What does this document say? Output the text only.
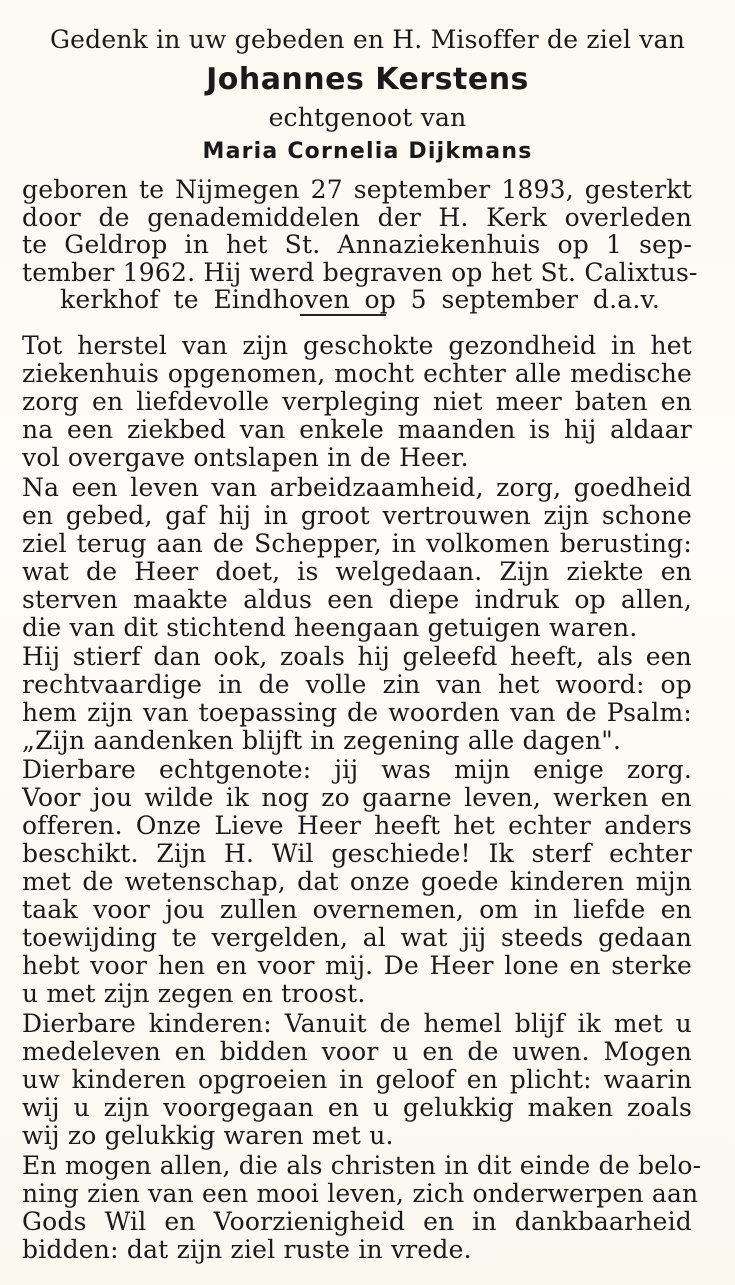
Gedenk in uw gebeden en H. Misoffer de ziel van
Johannes Kerstens
echtgenoot van
Maria Cornelia Dijkmans
geboren te Nijmegen 27 september 1893, gesterkt
door de genademiddelen der H. Kerk overleden
te Geldrop in het St. Annaziekenhuis op 1 sep-
tember 1962. Hij werd begraven op het St. Calixtus-
kerkhof te Eindhoven op 5 september d.a.v.
Tot herstel van zijn geschokte gezondheid in het
ziekenhuis opgenomen, mocht echter alle medische
zorg en liefdevolle verpleging niet meer baten en
na een ziekbed van enkele maanden is hij aldaar
vol overgave ontslapen in de Heer.
Na een leven van arbeidzaamheid, zorg, goedheid
en gebed, gaf hij in groot vertrouwen zijn schone
ziel terug aan de Schepper, in volkomen berusting:
wat de Heer doet, is welgedaan. Zijn ziekte en
sterven maakte aldus een diepe indruk op allen,
die van dit stichtend heengaan getuigen waren.
Hij stierf dan ook, zoals hij geleefd heeft, als een
rechtvaardige in de volle zin van het woord: op
hem zijn van toepassing de woorden van de Psalm:
„Zijn aandenken blijft in zegening alle dagen".
Dierbare echtgenote: jij was mijn enige zorg.
Voor jou wilde ik nog zo gaarne leven, werken en
offeren. Onze Lieve Heer heeft het echter anders
beschikt. Zijn H. Wil geschiede! Ik sterf echter
met de wetenschap, dat onze goede kinderen mijn
taak voor jou zullen overnemen, om in liefde en
toewijding te vergelden, al wat jij steeds gedaan
hebt voor hen en voor mij. De Heer lone en sterke
u met zijn zegen en troost.
Dierbare kinderen: Vanuit de hemel blijf ik met u
medeleven en bidden voor u en de uwen. Mogen
uw kinderen opgroeien in geloof en plicht: waarin
wij u zijn voorgegaan en u gelukkig maken zoals
wij zo gelukkig waren met u.
En mogen allen, die als christen in dit einde de belo-
ning zien van een mooi leven, zich onderwerpen aan
Gods Wil en Voorzienigheid en in dankbaarheid
bidden: dat zijn ziel ruste in vrede.
